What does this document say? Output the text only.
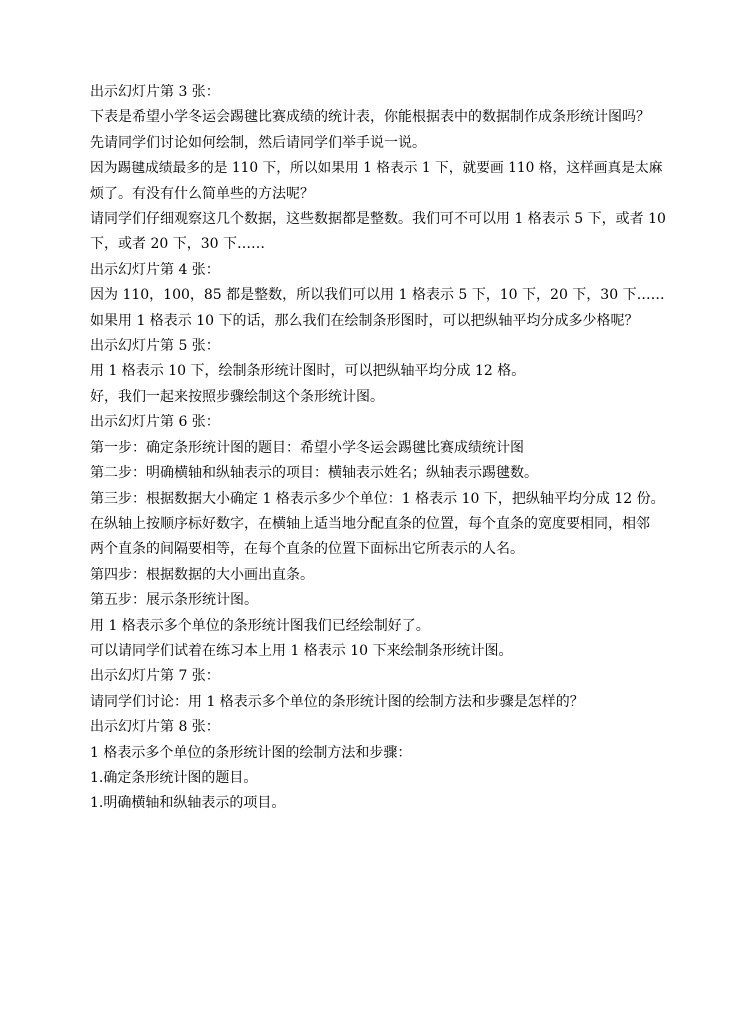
出示幻灯片第 3 张：

下表是希望小学冬运会踢毽比赛成绩的统计表，你能根据表中的数据制作成条形统计图吗？

先请同学们讨论如何绘制，然后请同学们举手说一说。

因为踢毽成绩最多的是 110 下，所以如果用 1 格表示 1 下，就要画 110 格，这样画真是太麻

烦了。有没有什么简单些的方法呢？

请同学们仔细观察这几个数据，这些数据都是整数。我们可不可以用 1 格表示 5 下，或者 10

下，或者 20 下，30 下……

出示幻灯片第 4 张：

因为 110，100，85 都是整数，所以我们可以用 1 格表示 5 下，10 下，20 下，30 下……

如果用 1 格表示 10 下的话，那么我们在绘制条形图时，可以把纵轴平均分成多少格呢？

出示幻灯片第 5 张：

用 1 格表示 10 下，绘制条形统计图时，可以把纵轴平均分成 12 格。

好，我们一起来按照步骤绘制这个条形统计图。

出示幻灯片第 6 张：

第一步：确定条形统计图的题目：希望小学冬运会踢毽比赛成绩统计图

第二步：明确横轴和纵轴表示的项目：横轴表示姓名；纵轴表示踢毽数。

第三步：根据数据大小确定 1 格表示多少个单位：1 格表示 10 下，把纵轴平均分成 12 份。

在纵轴上按顺序标好数字，在横轴上适当地分配直条的位置，每个直条的宽度要相同，相邻

两个直条的间隔要相等，在每个直条的位置下面标出它所表示的人名。

第四步：根据数据的大小画出直条。

第五步：展示条形统计图。

用 1 格表示多个单位的条形统计图我们已经绘制好了。

可以请同学们试着在练习本上用 1 格表示 10 下来绘制条形统计图。

出示幻灯片第 7 张：

请同学们讨论：用 1 格表示多个单位的条形统计图的绘制方法和步骤是怎样的？

出示幻灯片第 8 张：

1 格表示多个单位的条形统计图的绘制方法和步骤：

1.确定条形统计图的题目。

1.明确横轴和纵轴表示的项目。
